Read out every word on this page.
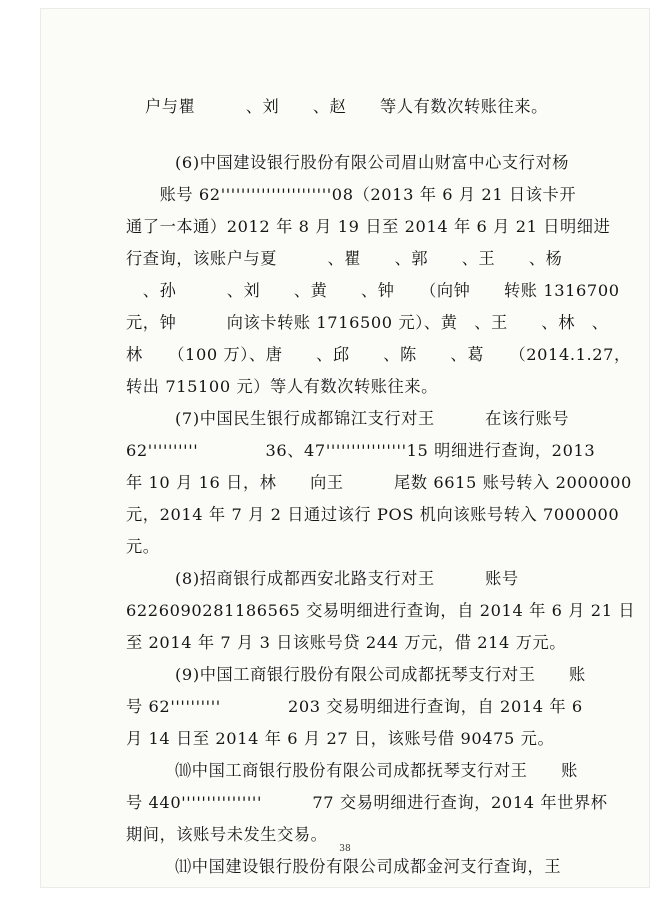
户与瞿　　　、刘　　、赵　　等人有数次转账往来。
(6)中国建设银行股份有限公司眉山财富中心支行对杨
　　账号 62''''''''''''''''''''''08（2013 年 6 月 21 日该卡开
通了一本通）2012 年 8 月 19 日至 2014 年 6 月 21 日明细进
行查询，该账户与夏　　　、瞿　　、郭　　、王　　、杨
　、孙　　　、刘　　、黄　　、钟　　（向钟　　转账 1316700
元，钟　　　向该卡转账 1716500 元）、黄　、王　　、林　、
林　　（100 万）、唐　　、邱　　、陈　　、葛　　（2014.1.27，
转出 715100 元）等人有数次转账往来。
(7)中国民生银行成都锦江支行对王　　　在该行账号
62''''''''''　　　　36、47''''''''''''''''15 明细进行查询，2013
年 10 月 16 日，林　　向王　　　尾数 6615 账号转入 2000000
元，2014 年 7 月 2 日通过该行 POS 机向该账号转入 7000000
元。
(8)招商银行成都西安北路支行对王　　　账号
6226090281186565 交易明细进行查询，自 2014 年 6 月 21 日
至 2014 年 7 月 3 日该账号贷 244 万元，借 214 万元。
(9)中国工商银行股份有限公司成都抚琴支行对王　　账
号 62''''''''''　　　　203 交易明细进行查询，自 2014 年 6
月 14 日至 2014 年 6 月 27 日，该账号借 90475 元。
⑽中国工商银行股份有限公司成都抚琴支行对王　　账
号 440''''''''''''''''　　　77 交易明细进行查询，2014 年世界杯
期间，该账号未发生交易。
⑾中国建设银行股份有限公司成都金河支行查询，王
38
